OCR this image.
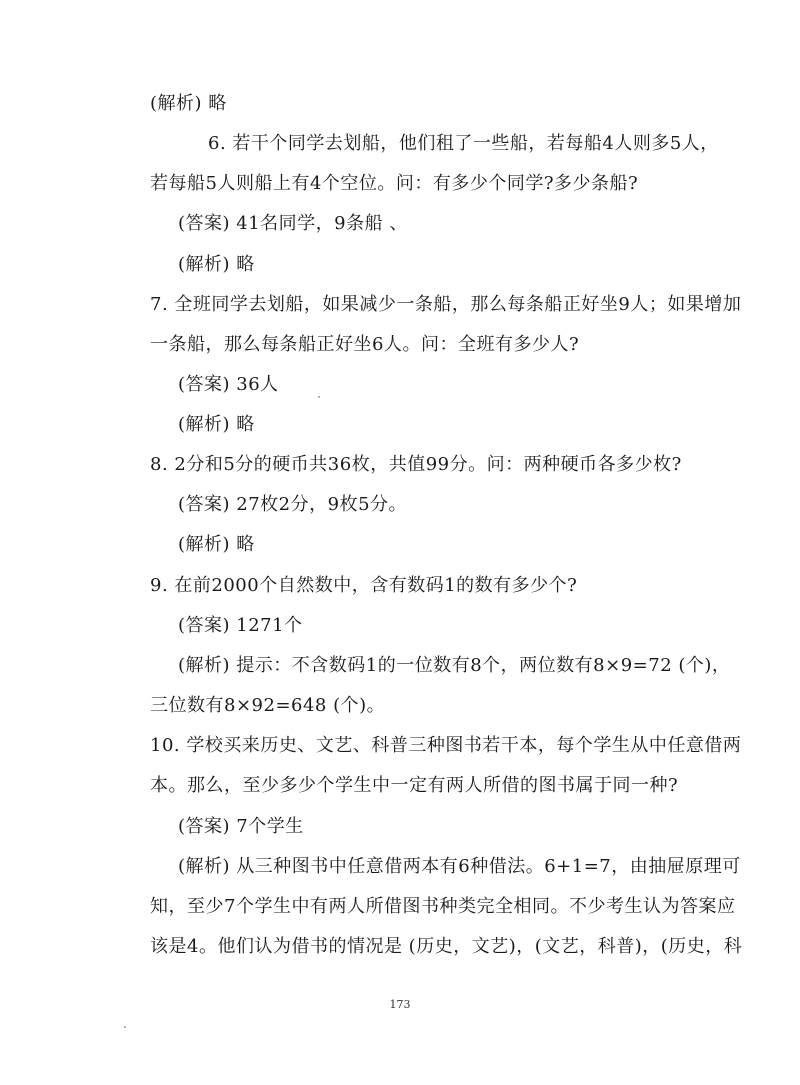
(解析) 略
6. 若干个同学去划船，他们租了一些船，若每船4人则多5人，
若每船5人则船上有4个空位。问：有多少个同学?多少条船?
(答案) 41名同学，9条船 、
(解析) 略
7. 全班同学去划船，如果减少一条船，那么每条船正好坐9人；如果增加
一条船，那么每条船正好坐6人。问：全班有多少人?
(答案) 36人
(解析) 略
8. 2分和5分的硬币共36枚，共值99分。问：两种硬币各多少枚?
(答案) 27枚2分，9枚5分。
(解析) 略
9. 在前2000个自然数中，含有数码1的数有多少个?
(答案) 1271个
(解析) 提示：不含数码1的一位数有8个，两位数有8×9=72 (个)，
三位数有8×92=648 (个)。
10. 学校买来历史、文艺、科普三种图书若干本，每个学生从中任意借两
本。那么，至少多少个学生中一定有两人所借的图书属于同一种?
(答案) 7个学生
(解析) 从三种图书中任意借两本有6种借法。6+1=7，由抽屉原理可
知，至少7个学生中有两人所借图书种类完全相同。不少考生认为答案应
该是4。他们认为借书的情况是 (历史，文艺)，(文艺，科普)，(历史，科
173
